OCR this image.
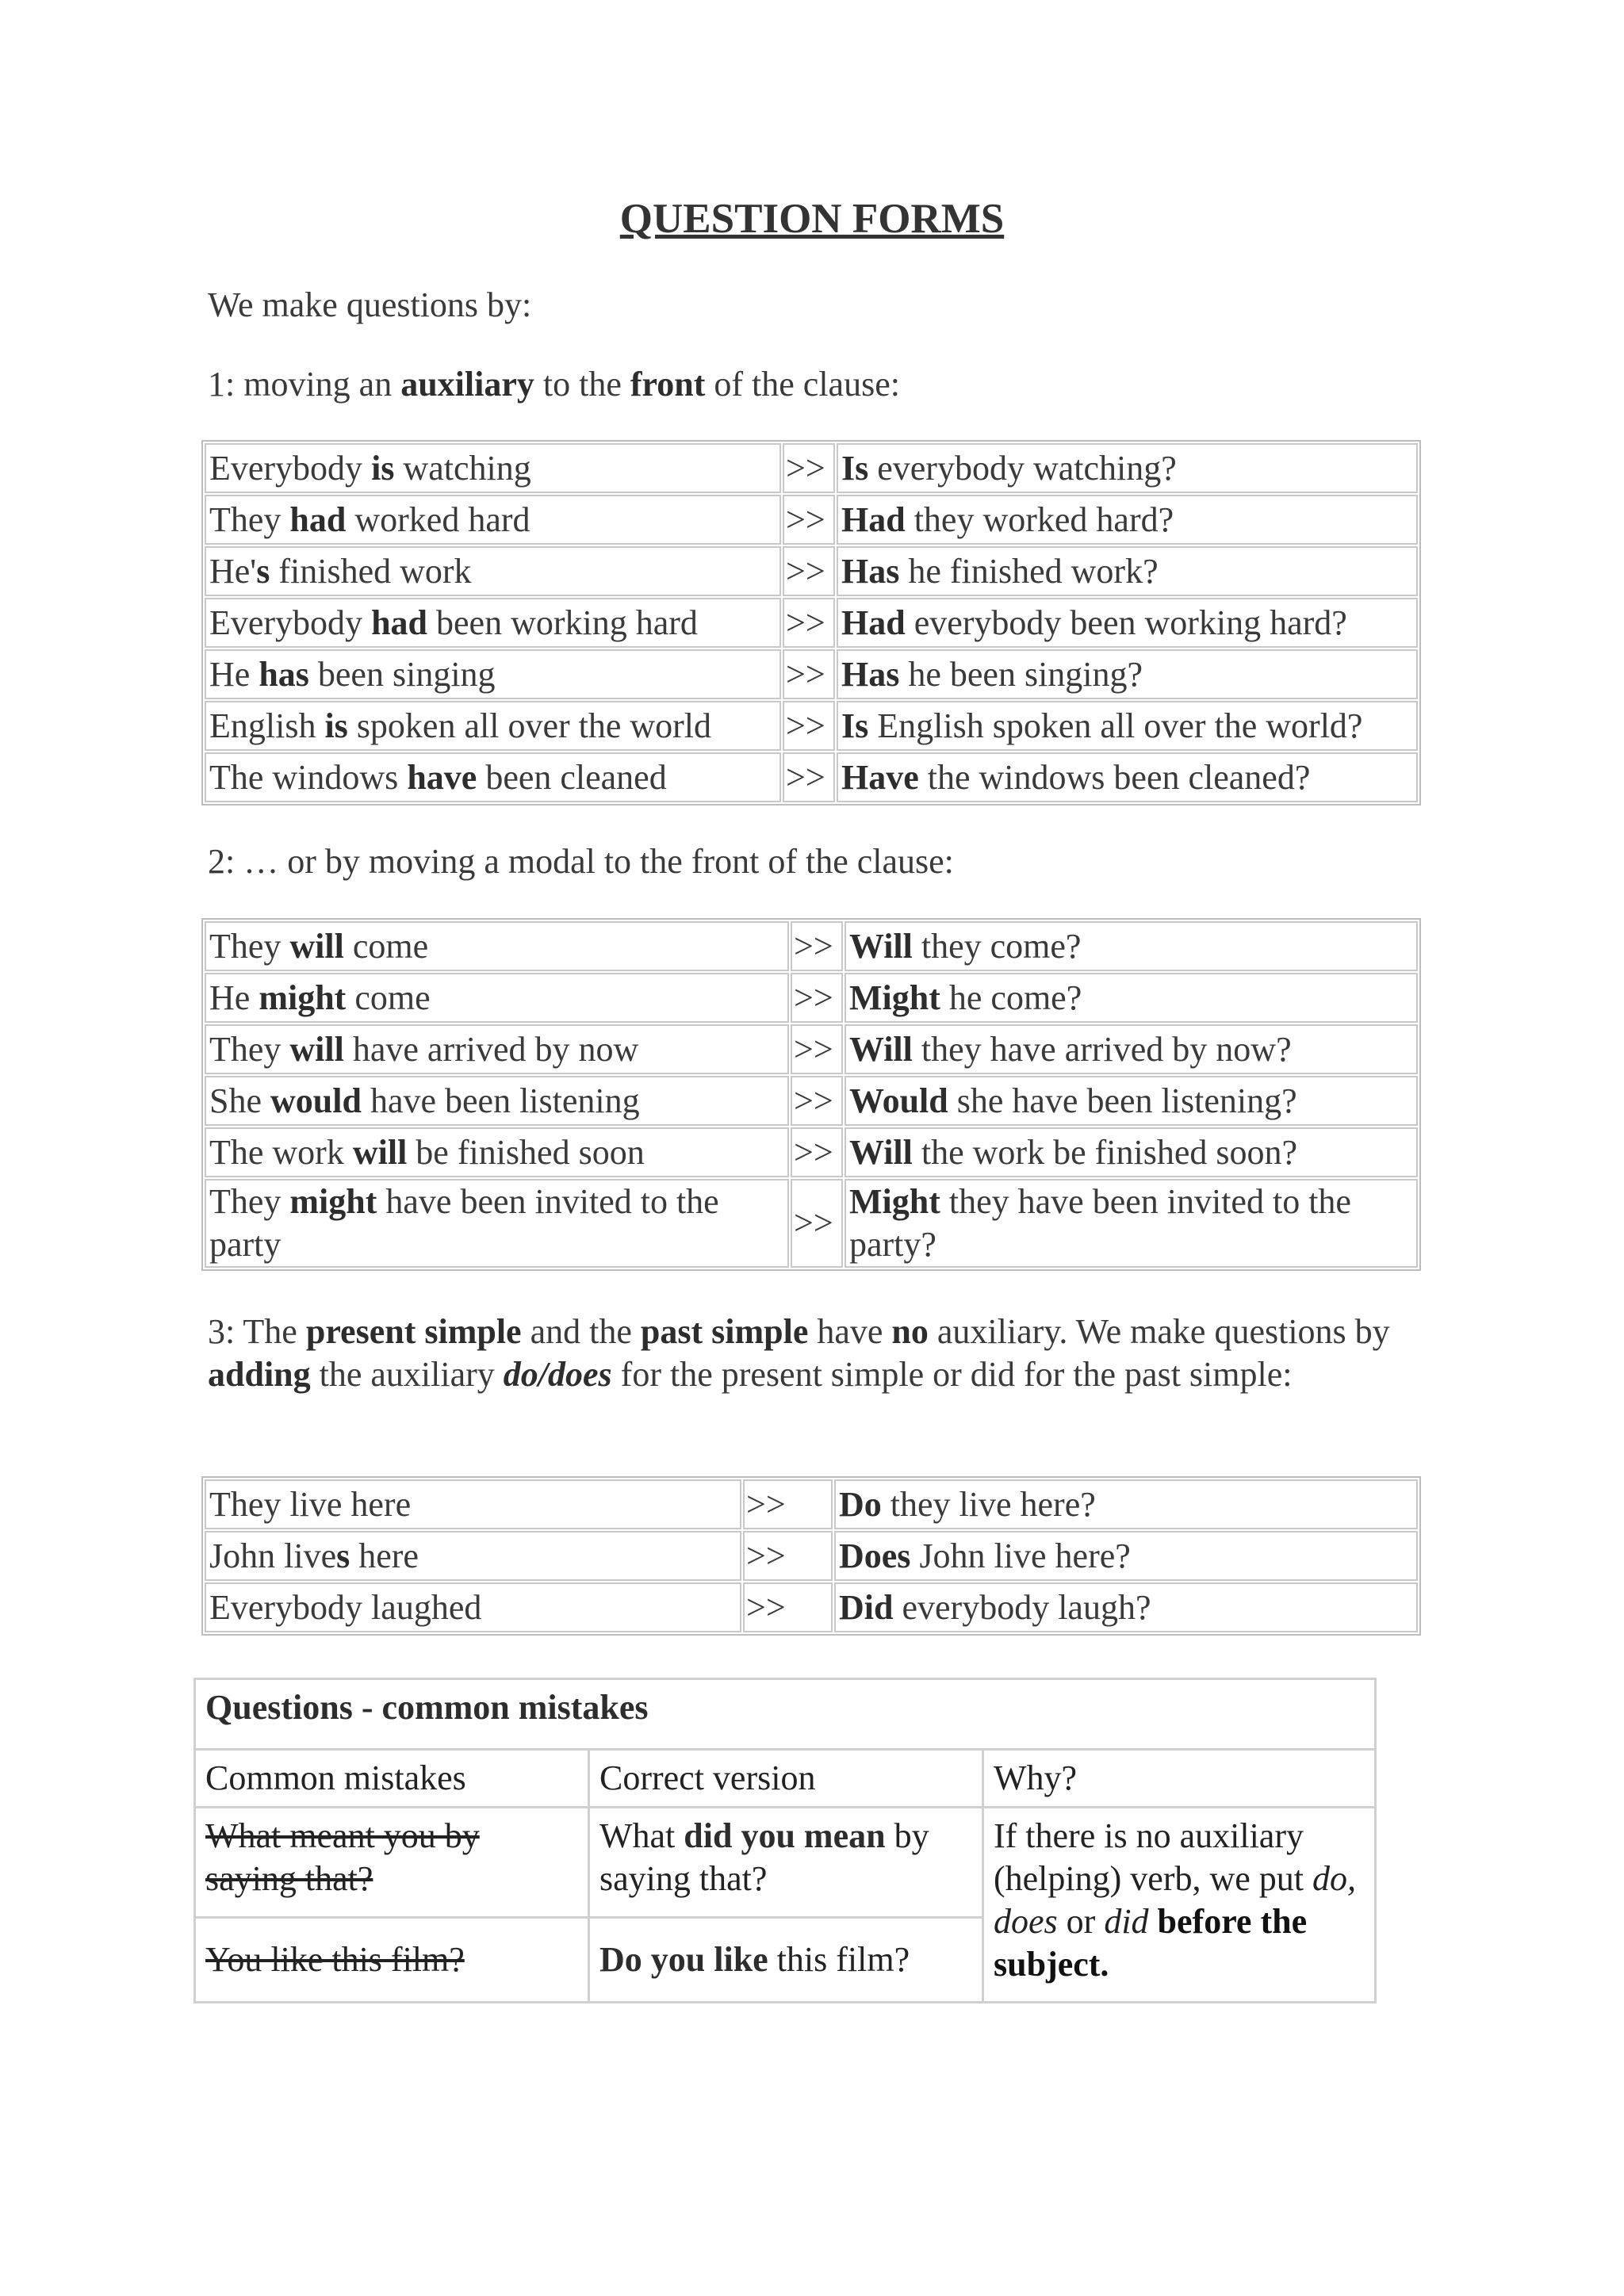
QUESTION FORMS
We make questions by:
1: moving an auxiliary to the front of the clause:
Everybody is watching	>>	Is everybody watching?
They had worked hard	>>	Had they worked hard?
He's finished work	>>	Has he finished work?
Everybody had been working hard	>>	Had everybody been working hard?
He has been singing	>>	Has he been singing?
English is spoken all over the world	>>	Is English spoken all over the world?
The windows have been cleaned	>>	Have the windows been cleaned?
2: … or by moving a modal to the front of the clause:
They will come	>>	Will they come?
He might come	>>	Might he come?
They will have arrived by now	>>	Will they have arrived by now?
She would have been listening	>>	Would she have been listening?
The work will be finished soon	>>	Will the work be finished soon?
They might have been invited to the party	>>	Might they have been invited to the party?
3: The present simple and the past simple have no auxiliary. We make questions by adding the auxiliary do/does for the present simple or did for the past simple:
They live here	>>	Do they live here?
John lives here	>>	Does John live here?
Everybody laughed	>>	Did everybody laugh?
Questions - common mistakes		
Common mistakes	Correct version	Why?
What meant you by saying that?	What did you mean by saying that?	If there is no auxiliary (helping) verb, we put do, does or did before the subject.
You like this film?	Do you like this film?	
